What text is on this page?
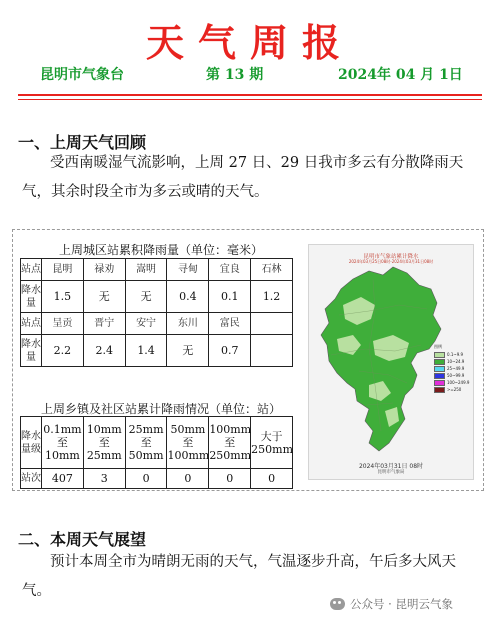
天气周报
昆明市气象台	第 13 期	2024年 04 月 1日
一、上周天气回顾
受西南暖湿气流影响，上周 27 日、29 日我市多云有分散降雨天气，其余时段全市为多云或晴的天气。
上周城区站累积降雨量（单位：毫米）
站点	昆明	禄劝	嵩明	寻甸	宜良	石林
降水量	1.5	无	无	0.4	0.1	1.2
站点	呈贡	晋宁	安宁	东川	富民	
降水量	2.2	2.4	1.4	无	0.7	
上周乡镇及社区站累计降雨情况（单位：站）
降水量级	0.1mm至10mm	10mm至25mm	25mm至50mm	50mm至100mm	100mm至250mm	大于250mm
站次	407	3	0	0	0	0
昆明市气象站累计降水
2024年03月25日08时-2024年03月31日08时
图例
0.1~9.9
10~24.9
25~49.9
50~99.9
100~249.9
>=250
2024年03月31日 08时
昆明市气象局
二、本周天气展望
预计本周全市为晴朗无雨的天气，气温逐步升高，午后多大风天气。
公众号 · 昆明云气象
